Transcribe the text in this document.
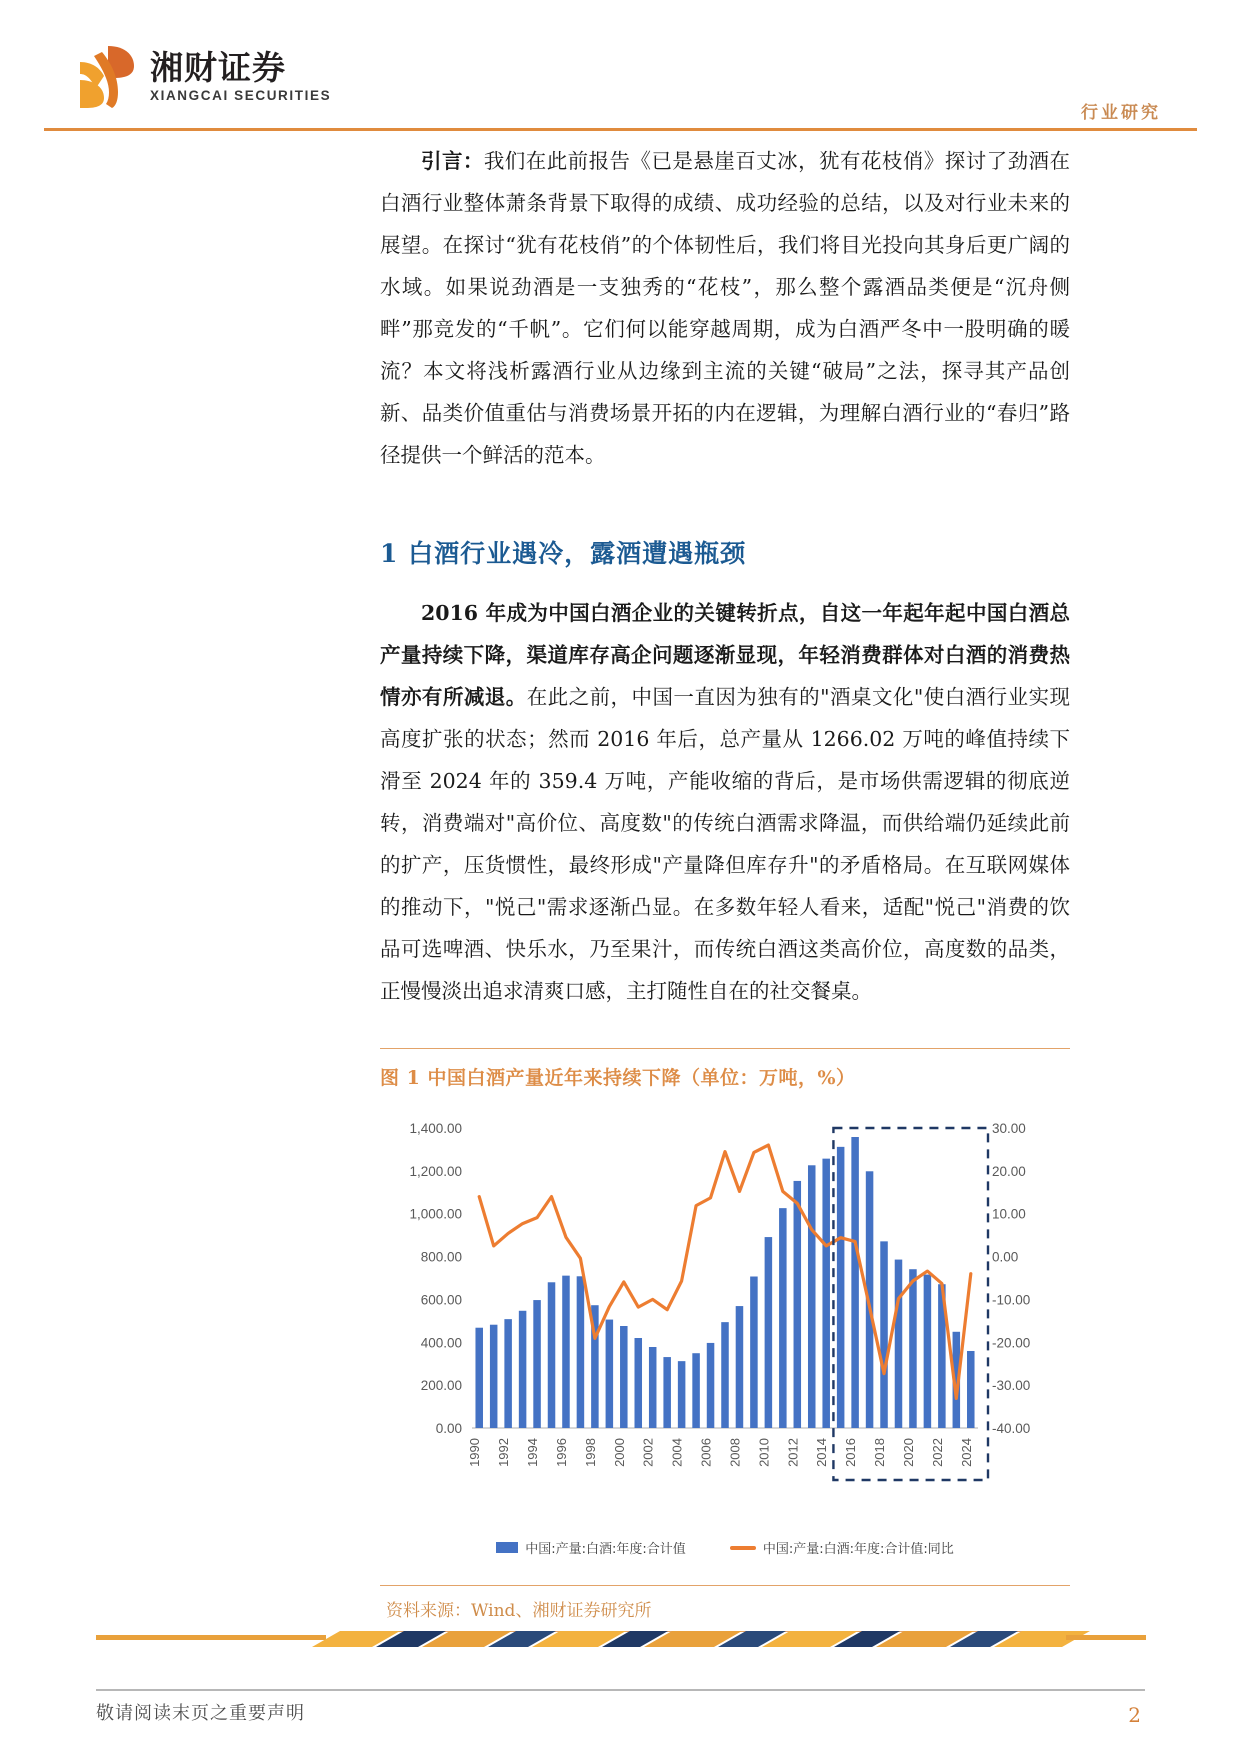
湘财证券
XIANGCAI SECURITIES
行业研究

引言：我们在此前报告《已是悬崖百丈冰，犹有花枝俏》探讨了劲酒在白酒行业整体萧条背景下取得的成绩、成功经验的总结，以及对行业未来的展望。在探讨“犹有花枝俏”的个体韧性后，我们将目光投向其身后更广阔的水域。如果说劲酒是一支独秀的“花枝”，那么整个露酒品类便是“沉舟侧畔”那竞发的“千帆”。它们何以能穿越周期，成为白酒严冬中一股明确的暖流？本文将浅析露酒行业从边缘到主流的关键“破局”之法，探寻其产品创新、品类价值重估与消费场景开拓的内在逻辑，为理解白酒行业的“春归”路径提供一个鲜活的范本。

1 白酒行业遇冷，露酒遭遇瓶颈

2016 年成为中国白酒企业的关键转折点，自这一年起年起中国白酒总产量持续下降，渠道库存高企问题逐渐显现，年轻消费群体对白酒的消费热情亦有所减退。在此之前，中国一直因为独有的"酒桌文化"使白酒行业实现高度扩张的状态；然而 2016 年后，总产量从 1266.02 万吨的峰值持续下滑至 2024 年的 359.4 万吨，产能收缩的背后，是市场供需逻辑的彻底逆转，消费端对"高价位、高度数"的传统白酒需求降温，而供给端仍延续此前的扩产，压货惯性，最终形成"产量降但库存升"的矛盾格局。在互联网媒体的推动下，"悦己"需求逐渐凸显。在多数年轻人看来，适配"悦己"消费的饮品可选啤酒、快乐水，乃至果汁，而传统白酒这类高价位，高度数的品类，正慢慢淡出追求清爽口感，主打随性自在的社交餐桌。

图 1 中国白酒产量近年来持续下降（单位：万吨，%）
0.00
200.00
400.00
600.00
800.00
1,000.00
1,200.00
1,400.00
-40.00
-30.00
-20.00
-10.00
0.00
10.00
20.00
30.00
1990 1992 1994 1996 1998 2000 2002 2004 2006 2008 2010 2012 2014 2016 2018 2020 2022 2024
中国:产量:白酒:年度:合计值	中国:产量:白酒:年度:合计值:同比
资料来源：Wind、湘财证券研究所
敬请阅读末页之重要声明	2
